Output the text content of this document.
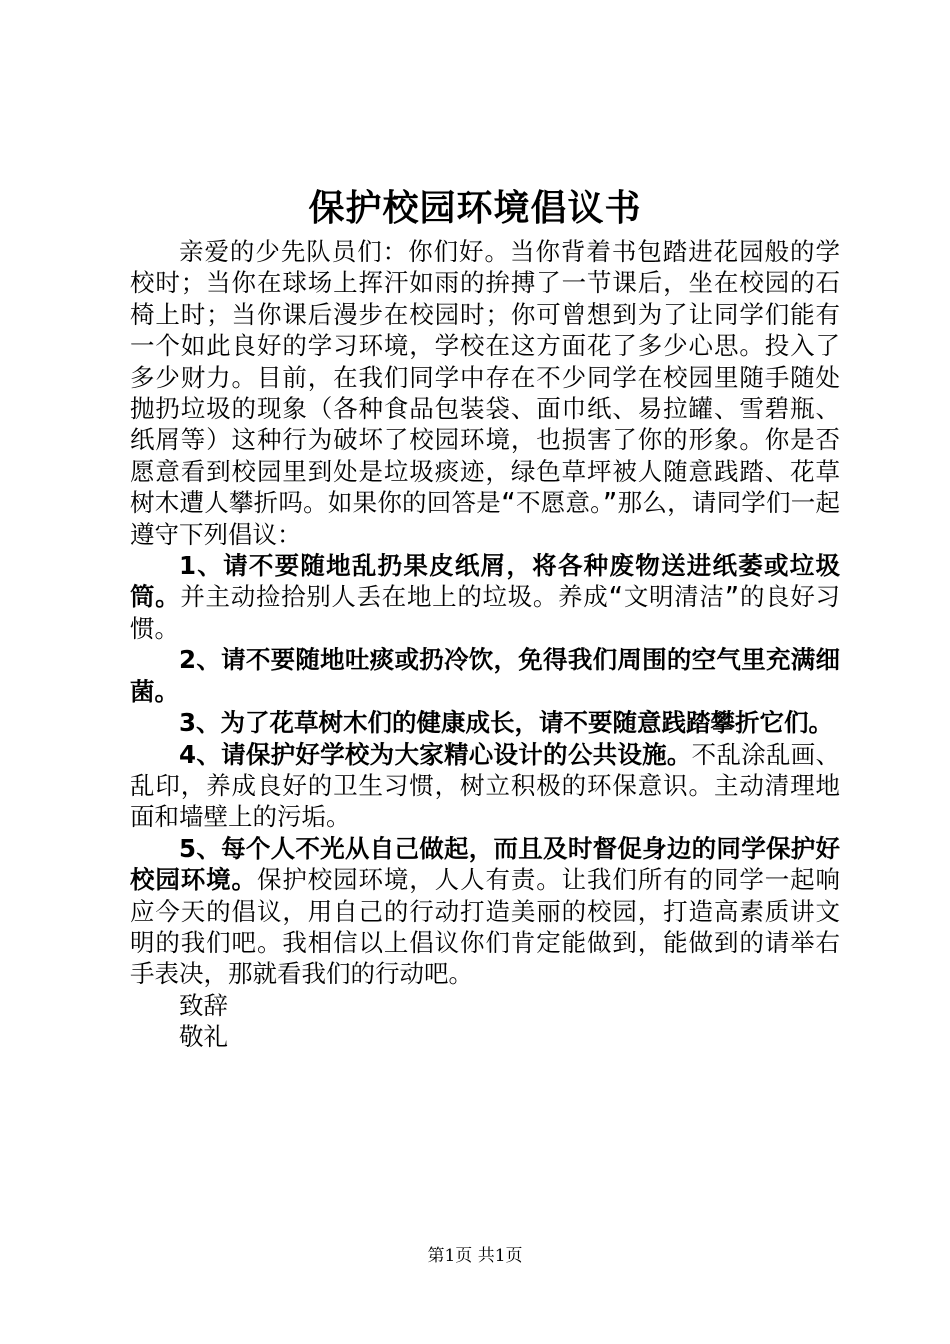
保护校园环境倡议书

亲爱的少先队员们：你们好。当你背着书包踏进花园般的学校时；当你在球场上挥汗如雨的拚搏了一节课后，坐在校园的石椅上时；当你课后漫步在校园时；你可曾想到为了让同学们能有一个如此良好的学习环境，学校在这方面花了多少心思。投入了多少财力。目前，在我们同学中存在不少同学在校园里随手随处抛扔垃圾的现象（各种食品包装袋、面巾纸、易拉罐、雪碧瓶、纸屑等）这种行为破坏了校园环境，也损害了你的形象。你是否愿意看到校园里到处是垃圾痰迹，绿色草坪被人随意践踏、花草树木遭人攀折吗。如果你的回答是“不愿意。”那么，请同学们一起遵守下列倡议：

1、请不要随地乱扔果皮纸屑，将各种废物送进纸萎或垃圾筒。并主动捡拾别人丢在地上的垃圾。养成“文明清洁”的良好习惯。

2、请不要随地吐痰或扔冷饮，免得我们周围的空气里充满细菌。

3、为了花草树木们的健康成长，请不要随意践踏攀折它们。

4、请保护好学校为大家精心设计的公共设施。不乱涂乱画、乱印，养成良好的卫生习惯，树立积极的环保意识。主动清理地面和墙壁上的污垢。

5、每个人不光从自己做起，而且及时督促身边的同学保护好校园环境。保护校园环境，人人有责。让我们所有的同学一起响应今天的倡议，用自己的行动打造美丽的校园，打造高素质讲文明的我们吧。我相信以上倡议你们肯定能做到，能做到的请举右手表决，那就看我们的行动吧。

致辞

敬礼

第1页 共1页
